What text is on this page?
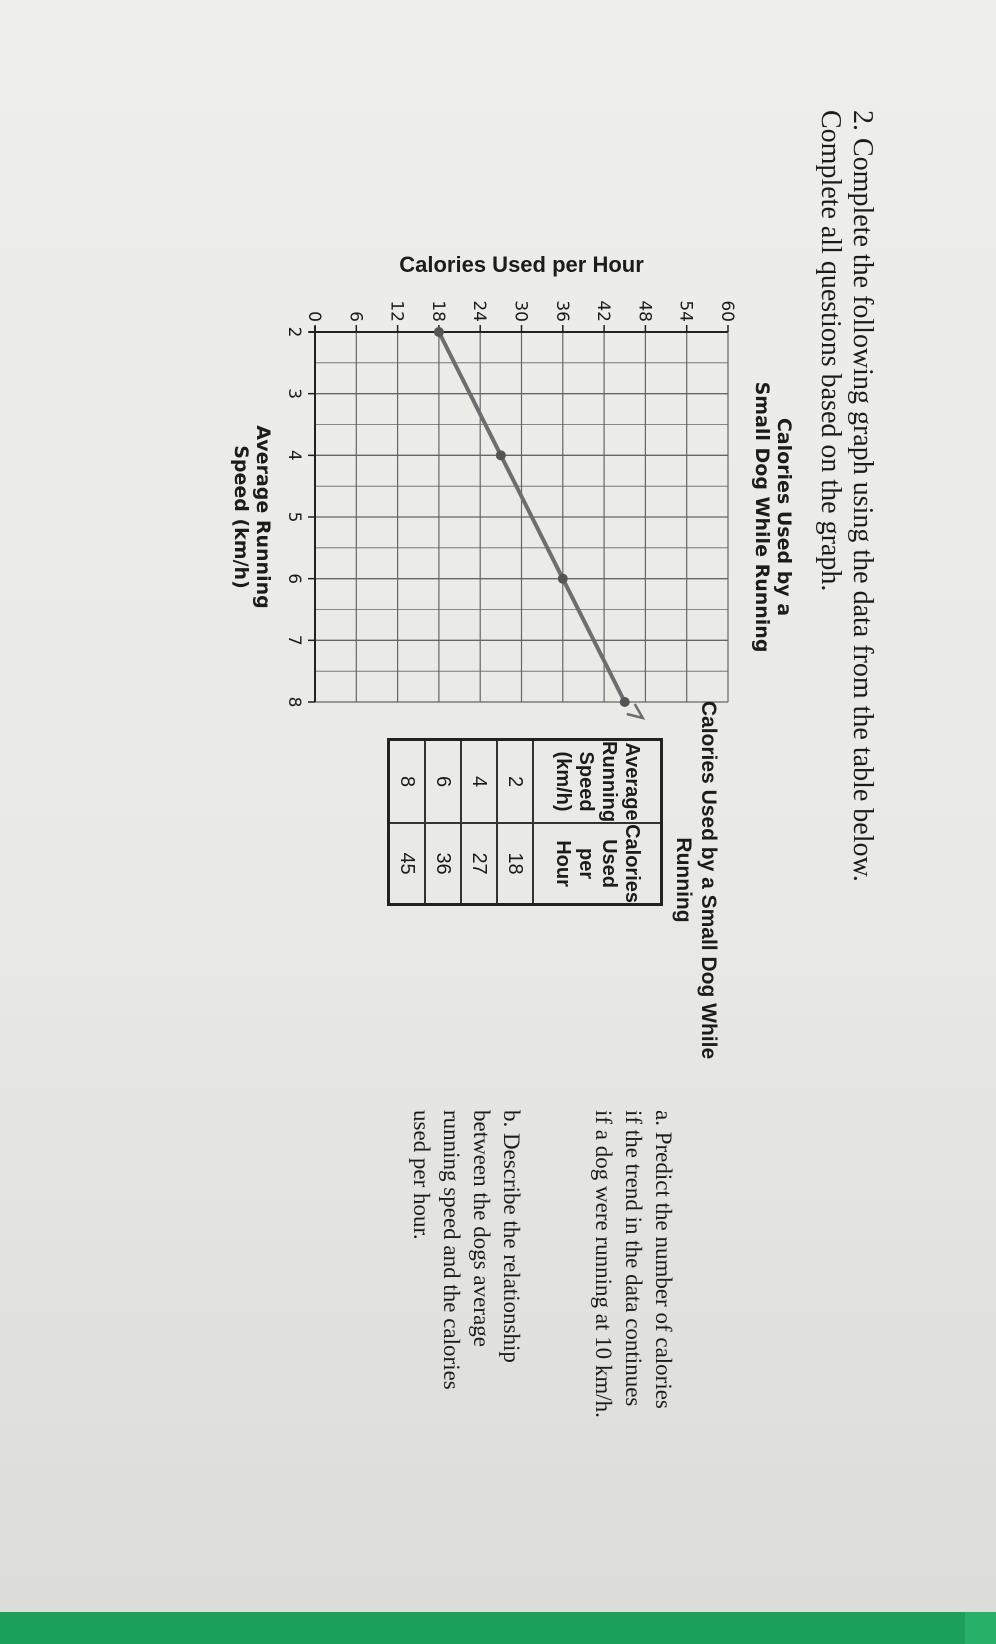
2. Complete the following graph using the data from the table below. Complete all questions based on the graph.
Calories Used by aSmall Dog While Running
0 6 12 18 24 30 36 42 48 54 60
2
3
4
5
6
7
8
Calories Used per Hour
Average RunningSpeed (km/h)
Calories Used by a Small Dog While Running
Average Running Speed (km/h)	Calories Used per Hour
2	18
4	27
6	36
8	45
a. Predict the number of calories if the trend in the data continues if a dog were running at 10 km/h.
b. Describe the relationship between the dogs average running speed and the calories used per hour.
